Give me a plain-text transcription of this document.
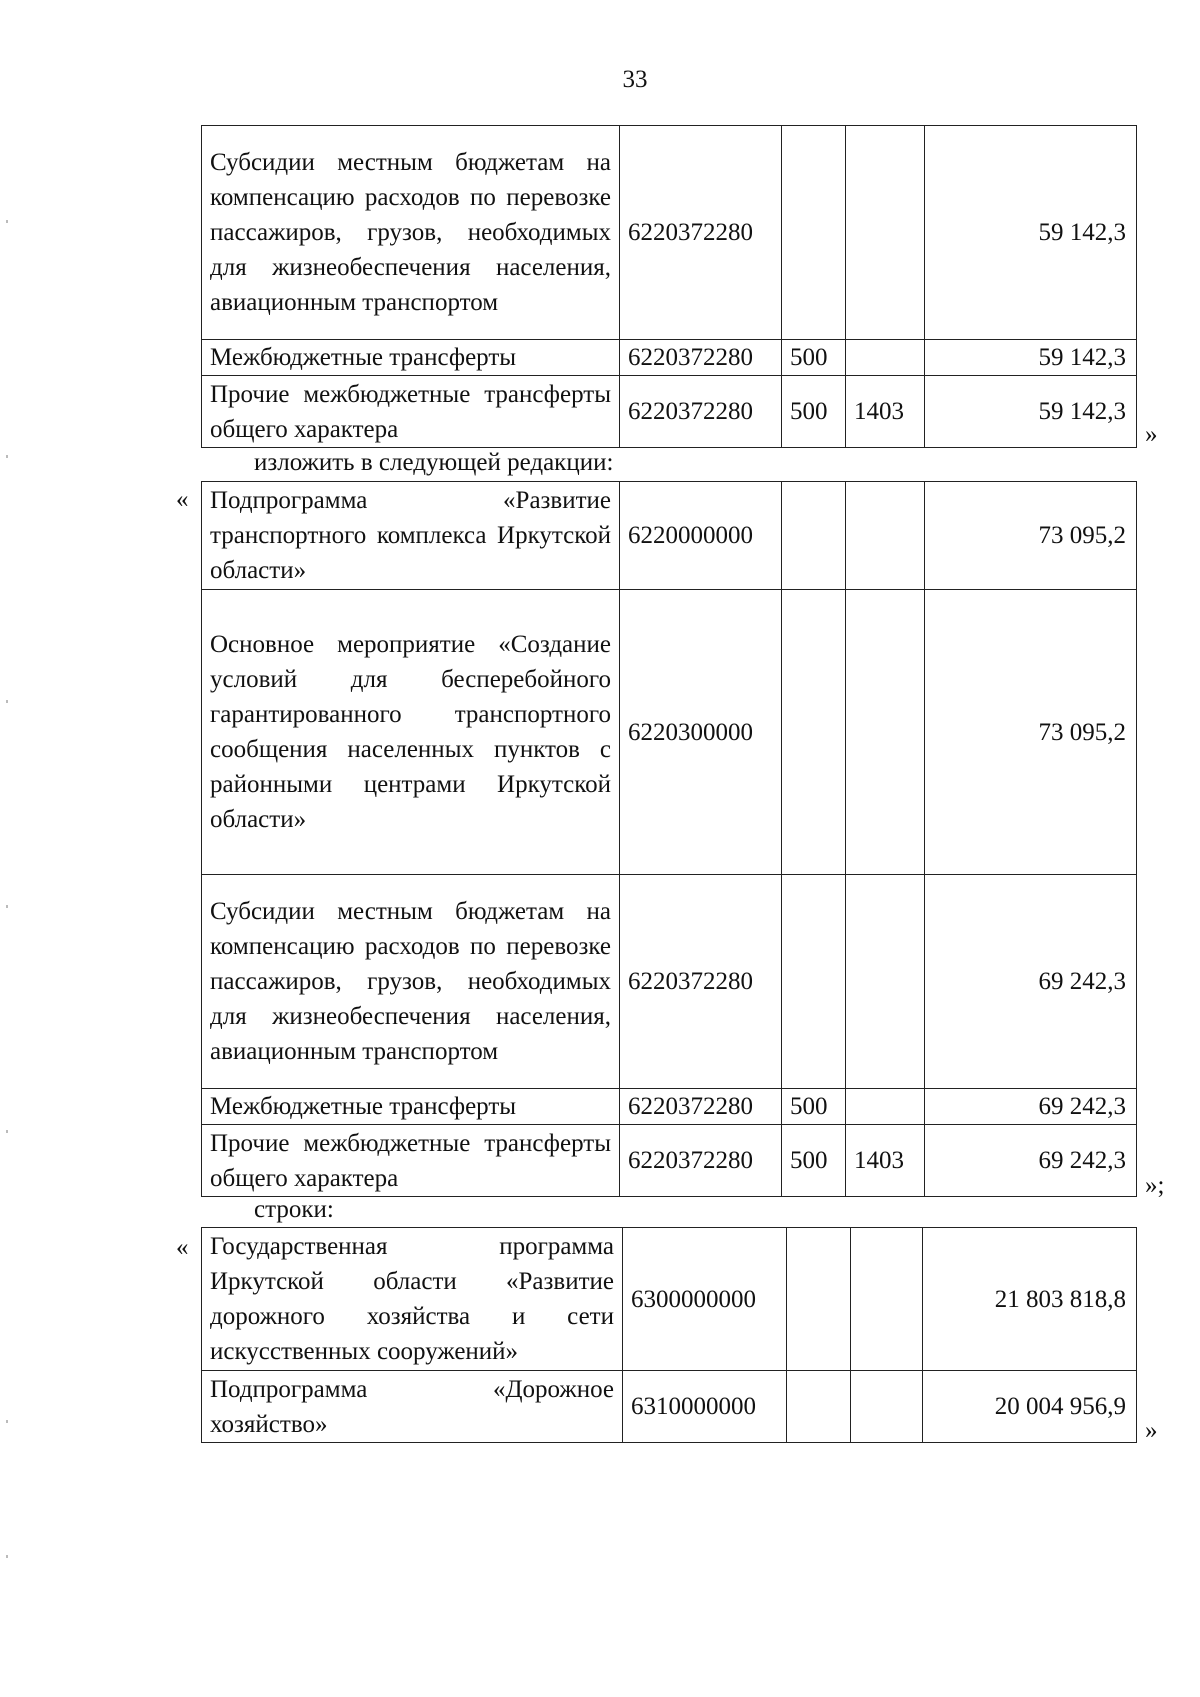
33
Субсидии местным бюджетам на компенсацию расходов по перевозке пассажиров, грузов, необходимых для жизнеобеспечения населения, авиационным транспортом	6220372280			59 142,3
Межбюджетные трансферты	6220372280	500		59 142,3
Прочие межбюджетные трансферты общего характера	6220372280	500	1403	59 142,3
»
изложить в следующей редакции:
« Подпрограмма «Развитие транспортного комплекса Иркутской области»	6220000000			73 095,2
Основное мероприятие «Создание условий для бесперебойного гарантированного транспортного сообщения населенных пунктов с районными центрами Иркутской области»	6220300000			73 095,2
Субсидии местным бюджетам на компенсацию расходов по перевозке пассажиров, грузов, необходимых для жизнеобеспечения населения, авиационным транспортом	6220372280			69 242,3
Межбюджетные трансферты	6220372280	500		69 242,3
Прочие межбюджетные трансферты общего характера	6220372280	500	1403	69 242,3
»;
строки:
« Государственная программа Иркутской области «Развитие дорожного хозяйства и сети искусственных сооружений»	6300000000			21 803 818,8
Подпрограмма «Дорожное хозяйство»	6310000000			20 004 956,9
»
